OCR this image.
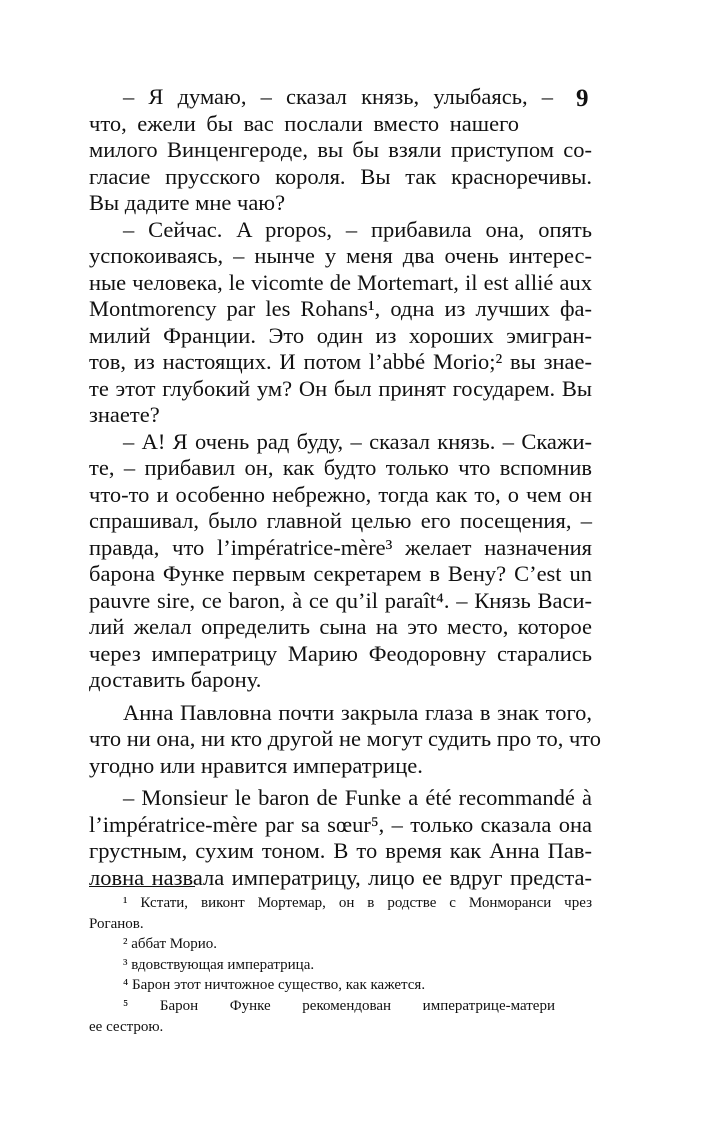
9
– Я думаю, – сказал князь, улыбаясь, –
что, ежели бы вас послали вместо нашего
милого Винценгероде, вы бы взяли приступом со-
гласие прусского короля. Вы так красноречивы.
Вы дадите мне чаю?
– Сейчас. A propos, – прибавила она, опять
успокоиваясь, – нынче у меня два очень интерес-
ные человека, le vicomte de Mortemart, il est allié aux
Montmorency par les Rohans¹, одна из лучших фа-
милий Франции. Это один из хороших эмигран-
тов, из настоящих. И потом l’abbé Morio;² вы знае-
те этот глубокий ум? Он был принят государем. Вы
знаете?
– А! Я очень рад буду, – сказал князь. – Скажи-
те, – прибавил он, как будто только что вспомнив
что-то и особенно небрежно, тогда как то, о чем он
спрашивал, было главной целью его посещения, –
правда, что l’impératrice-mère³ желает назначения
барона Функе первым секретарем в Вену? C’est un
pauvre sire, ce baron, à ce qu’il paraît⁴. – Князь Васи-
лий желал определить сына на это место, которое
через императрицу Марию Феодоровну старались
доставить барону.
Анна Павловна почти закрыла глаза в знак того,
что ни она, ни кто другой не могут судить про то, что
угодно или нравится императрице.
– Monsieur le baron de Funke a été recommandé à
l’impératrice-mère par sa sœur⁵, – только сказала она
грустным, сухим тоном. В то время как Анна Пав-
ловна назвала императрицу, лицо ее вдруг предста-
¹ Кстати, виконт Мортемар, он в родстве с Монморанси чрез
Роганов.
² аббат Морио.
³ вдовствующая императрица.
⁴ Барон этот ничтожное существо, как кажется.
⁵ Барон Функе рекомендован императрице-матери
ее сестрою.
